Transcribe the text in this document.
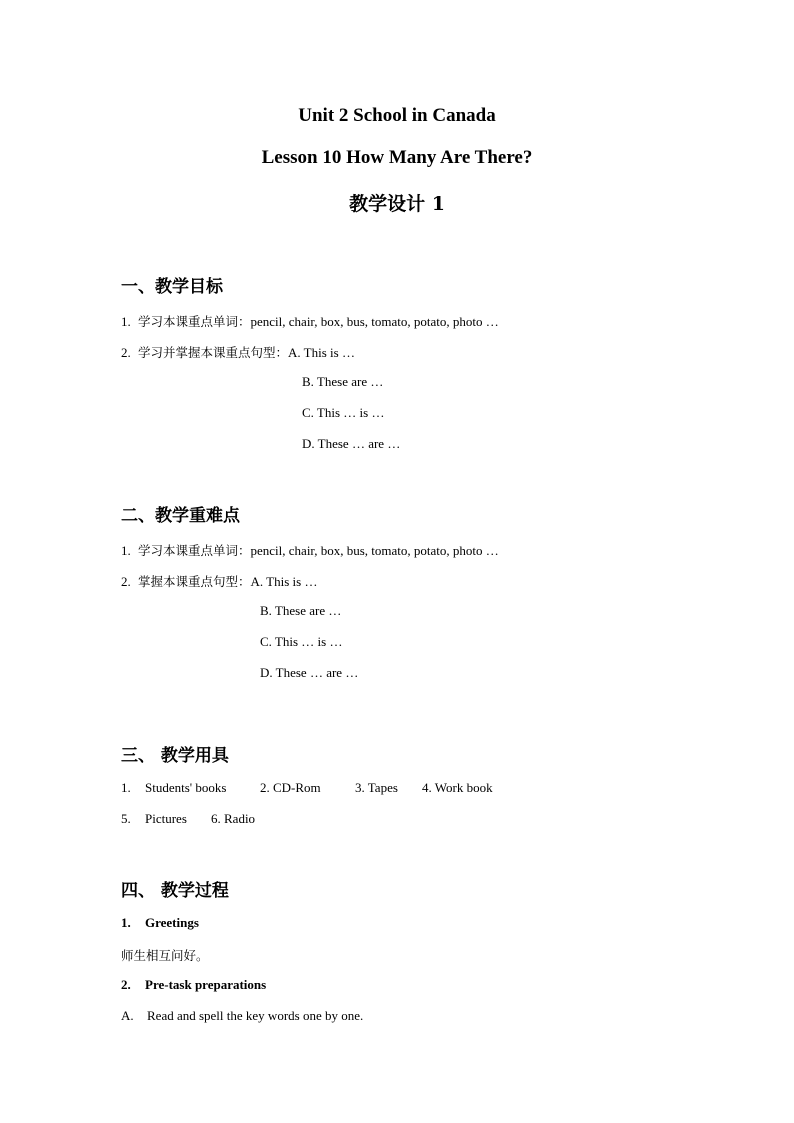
Unit 2 School in Canada
Lesson 10 How Many Are There?
教学设计 1
一、教学目标
1. 学习本课重点单词：pencil, chair, box, bus, tomato, potato, photo …
2. 学习并掌握本课重点句型：A. This is …
B. These are …
C. This … is …
D. These … are …
二、教学重难点
1. 学习本课重点单词：pencil, chair, box, bus, tomato, potato, photo …
2. 掌握本课重点句型：A. This is …
B. These are …
C. This … is …
D. These … are …
三、 教学用具
1. Students' books	2. CD-Rom	3. Tapes 4. Work book
5. Pictures 6. Radio
四、 教学过程
1. Greetings
师生相互问好。
2. Pre-task preparations
A. Read and spell the key words one by one.
